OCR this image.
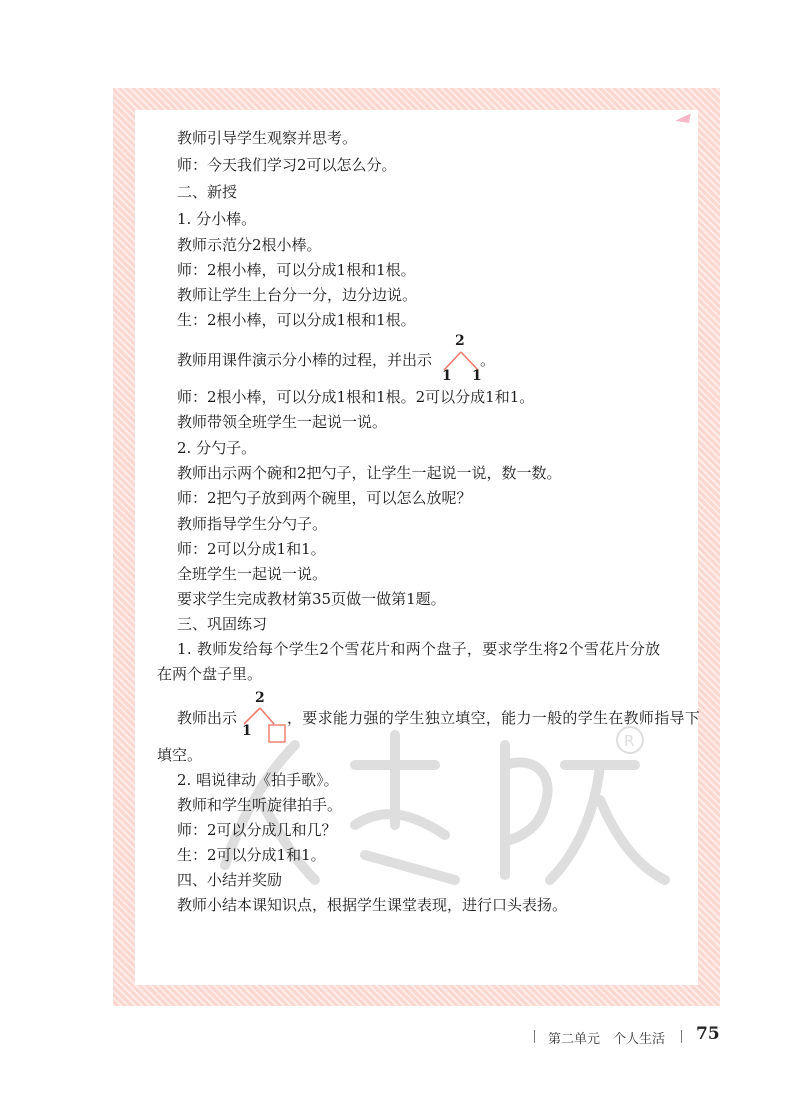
R
教师引导学生观察并思考。
师：今天我们学习2可以怎么分。
二、新授
1. 分小棒。
教师示范分2根小棒。
师：2根小棒，可以分成1根和1根。
教师让学生上台分一分，边分边说。
生：2根小棒，可以分成1根和1根。
教师用课件演示分小棒的过程，并出示
2
1 1
。
师：2根小棒，可以分成1根和1根。2可以分成1和1。
教师带领全班学生一起说一说。
2. 分勺子。
教师出示两个碗和2把勺子，让学生一起说一说，数一数。
师：2把勺子放到两个碗里，可以怎么放呢？
教师指导学生分勺子。
师：2可以分成1和1。
全班学生一起说一说。
要求学生完成教材第35页做一做第1题。
三、巩固练习
1. 教师发给每个学生2个雪花片和两个盘子，要求学生将2个雪花片分放
在两个盘子里。
教师出示
2
1
，要求能力强的学生独立填空，能力一般的学生在教师指导下
填空。
2. 唱说律动《拍手歌》。
教师和学生听旋律拍手。
师：2可以分成几和几？
生：2可以分成1和1。
四、小结并奖励
教师小结本课知识点，根据学生课堂表现，进行口头表扬。
第二单元　个人生活 75
